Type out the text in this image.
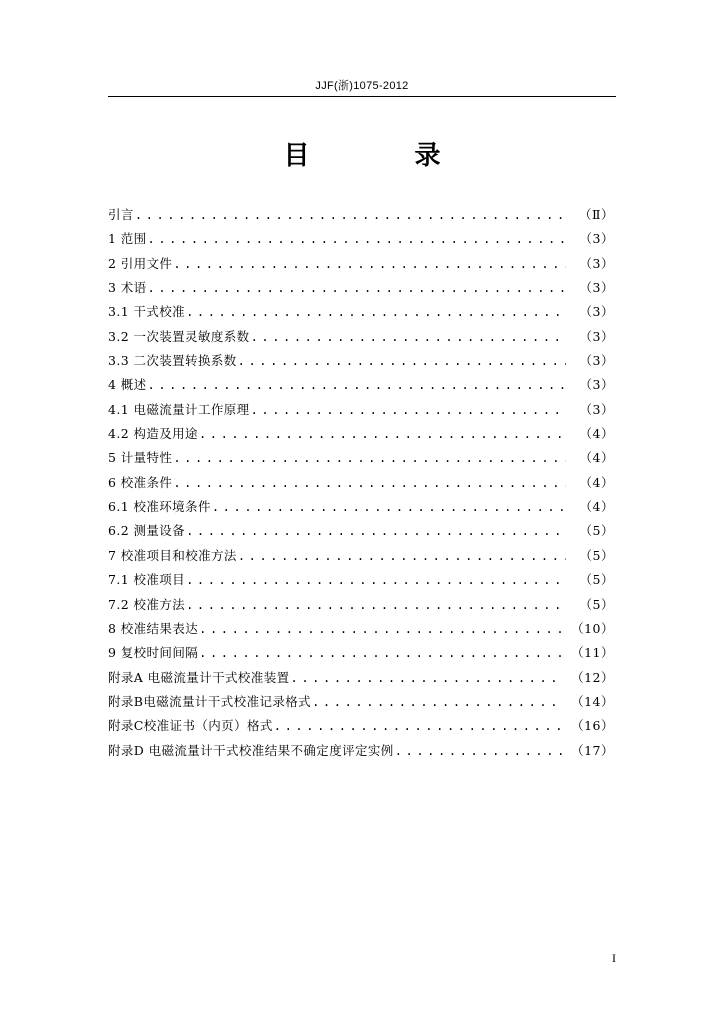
JJF(浙)1075-2012
目 录
引言 .....	（Ⅱ）
1 范围 .....	（3）
2 引用文件 .....	（3）
3 术语 .....	（3）
3.1 干式校准 .....	（3）
3.2 一次装置灵敏度系数 .....	（3）
3.3 二次装置转换系数 .....	（3）
4 概述 .....	（3）
4.1 电磁流量计工作原理 .....	（3）
4.2 构造及用途 .....	（4）
5 计量特性 .....	（4）
6 校准条件 .....	（4）
6.1 校准环境条件 .....	（4）
6.2 测量设备 .....	（5）
7 校准项目和校准方法 .....	（5）
7.1 校准项目 .....	（5）
7.2 校准方法 .....	（5）
8 校准结果表达 .....	（10）
9 复校时间间隔 .....	（11）
附录A 电磁流量计干式校准装置 .....	（12）
附录B电磁流量计干式校准记录格式 .....	（14）
附录C校准证书（内页）格式 .....	（16）
附录D 电磁流量计干式校准结果不确定度评定实例 .....	（17）
I
